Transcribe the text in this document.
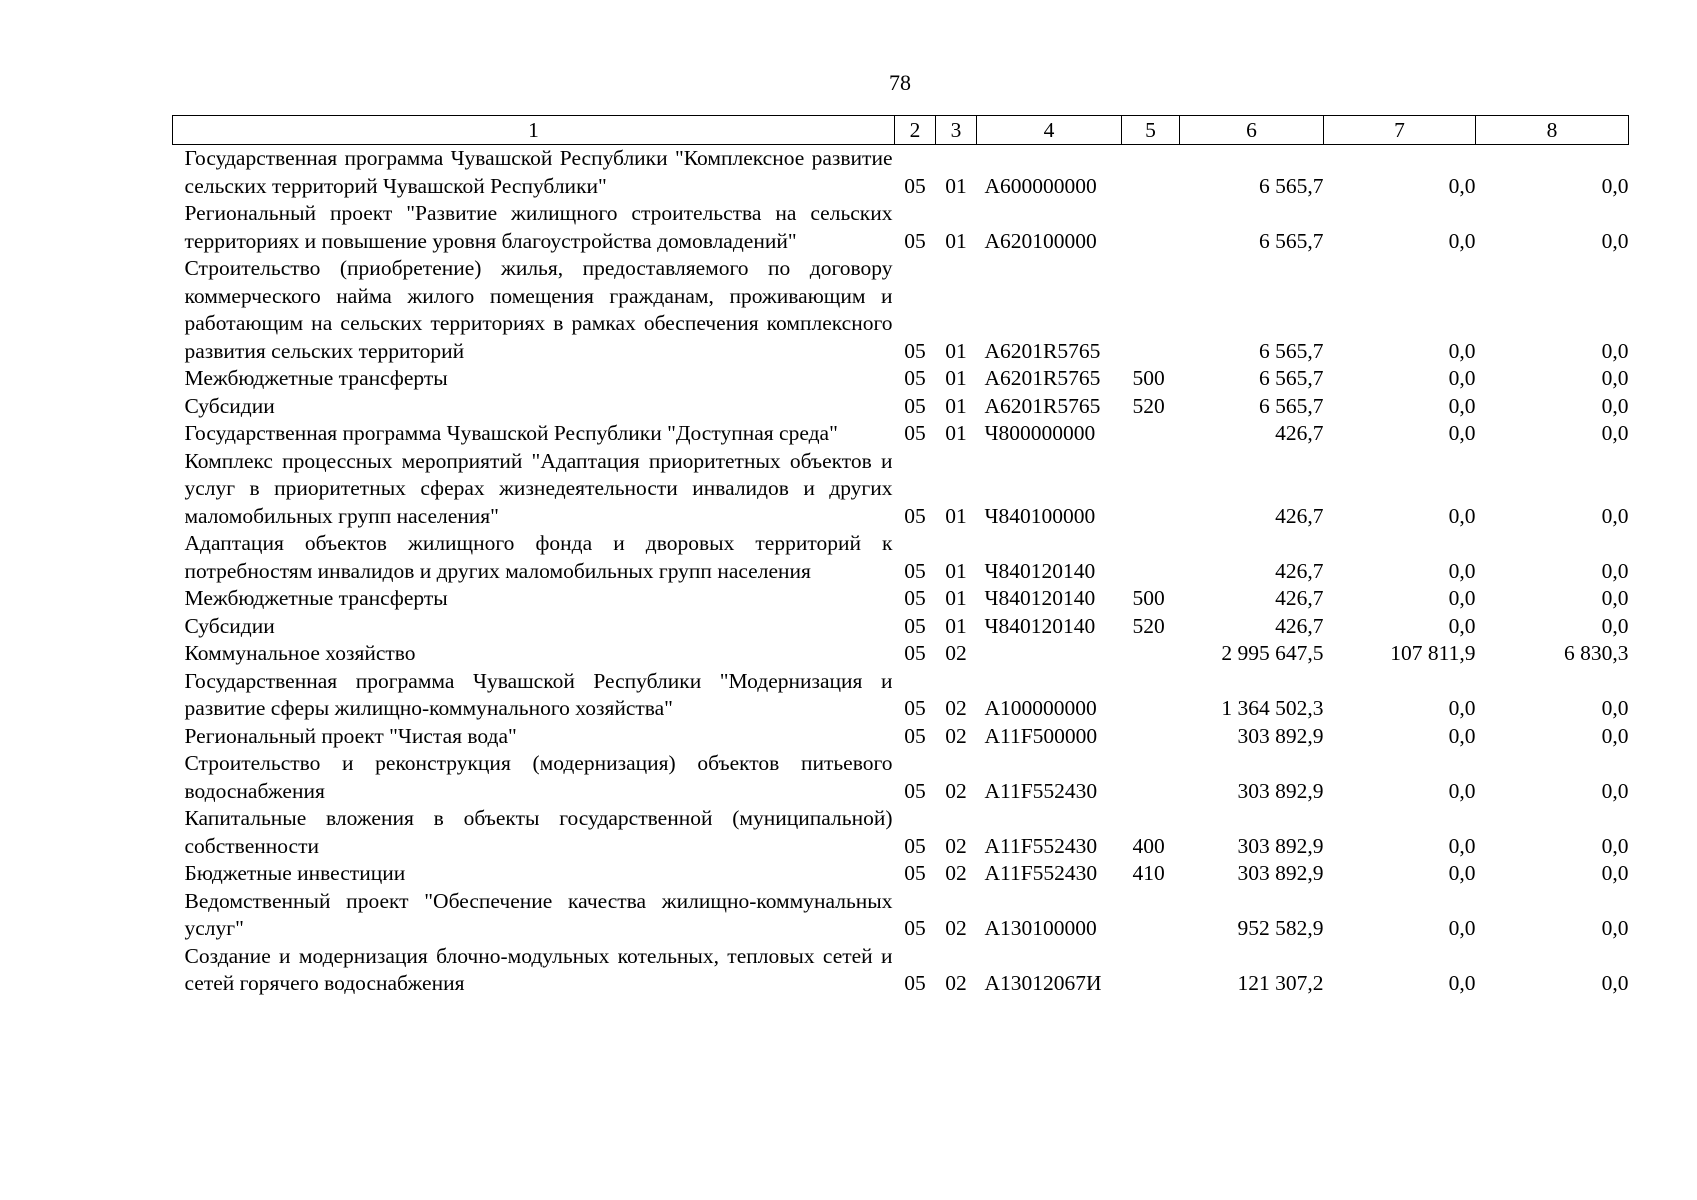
78
1	2	3	4	5	6	7	8
Государственная программа Чувашской Республики "Комплексное развитие сельских территорий Чувашской Республики"	05	01	А600000000		6 565,7	0,0	0,0
Региональный проект "Развитие жилищного строительства на сельских территориях и повышение уровня благоустройства домовладений"	05	01	А620100000		6 565,7	0,0	0,0
Строительство (приобретение) жилья, предоставляемого по договору коммерческого найма жилого помещения гражданам, проживающим и работающим на сельских территориях в рамках обеспечения комплексного развития сельских территорий	05	01	А6201R5765		6 565,7	0,0	0,0
Межбюджетные трансферты	05	01	А6201R5765	500	6 565,7	0,0	0,0
Субсидии	05	01	А6201R5765	520	6 565,7	0,0	0,0
Государственная программа Чувашской Республики "Доступная среда"	05	01	Ч800000000		426,7	0,0	0,0
Комплекс процессных мероприятий "Адаптация приоритетных объектов и услуг в приоритетных сферах жизнедеятельности инвалидов и других маломобильных групп населения"	05	01	Ч840100000		426,7	0,0	0,0
Адаптация объектов жилищного фонда и дворовых территорий к потребностям инвалидов и других маломобильных групп населения	05	01	Ч840120140		426,7	0,0	0,0
Межбюджетные трансферты	05	01	Ч840120140	500	426,7	0,0	0,0
Субсидии	05	01	Ч840120140	520	426,7	0,0	0,0
Коммунальное хозяйство	05	02			2 995 647,5	107 811,9	6 830,3
Государственная программа Чувашской Республики "Модернизация и развитие сферы жилищно-коммунального хозяйства"	05	02	А100000000		1 364 502,3	0,0	0,0
Региональный проект "Чистая вода"	05	02	А11F500000		303 892,9	0,0	0,0
Строительство и реконструкция (модернизация) объектов питьевого водоснабжения	05	02	А11F552430		303 892,9	0,0	0,0
Капитальные вложения в объекты государственной (муниципальной) собственности	05	02	А11F552430	400	303 892,9	0,0	0,0
Бюджетные инвестиции	05	02	А11F552430	410	303 892,9	0,0	0,0
Ведомственный проект "Обеспечение качества жилищно-коммунальных услуг"	05	02	А130100000		952 582,9	0,0	0,0
Создание и модернизация блочно-модульных котельных, тепловых сетей и сетей горячего водоснабжения	05	02	А13012067И		121 307,2	0,0	0,0
